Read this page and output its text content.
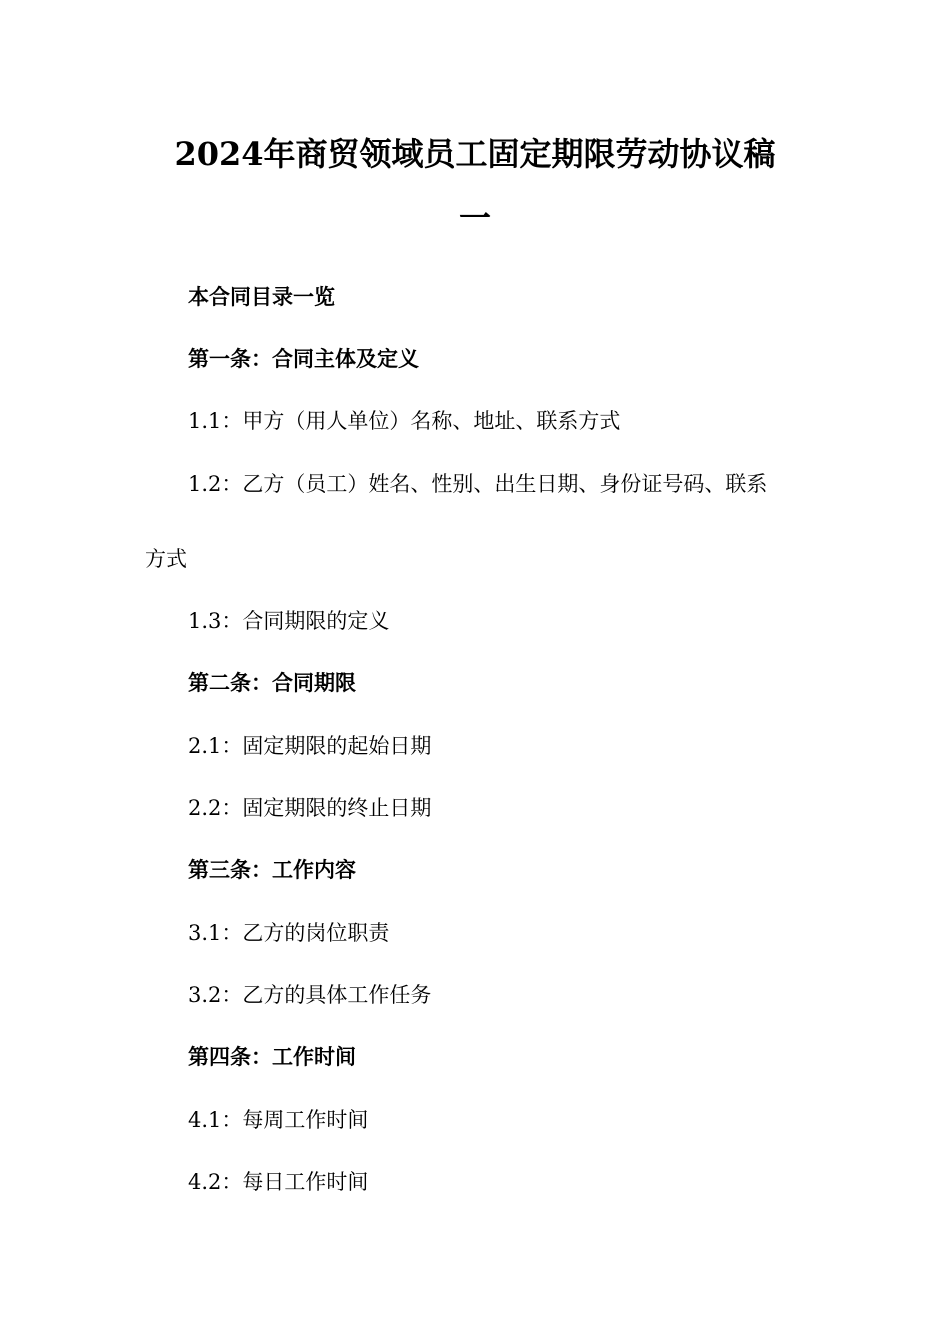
2024年商贸领域员工固定期限劳动协议稿
一
本合同目录一览
第一条：合同主体及定义
1.1：甲方（用人单位）名称、地址、联系方式
1.2：乙方（员工）姓名、性别、出生日期、身份证号码、联系
方式
1.3：合同期限的定义
第二条：合同期限
2.1：固定期限的起始日期
2.2：固定期限的终止日期
第三条：工作内容
3.1：乙方的岗位职责
3.2：乙方的具体工作任务
第四条：工作时间
4.1：每周工作时间
4.2：每日工作时间
